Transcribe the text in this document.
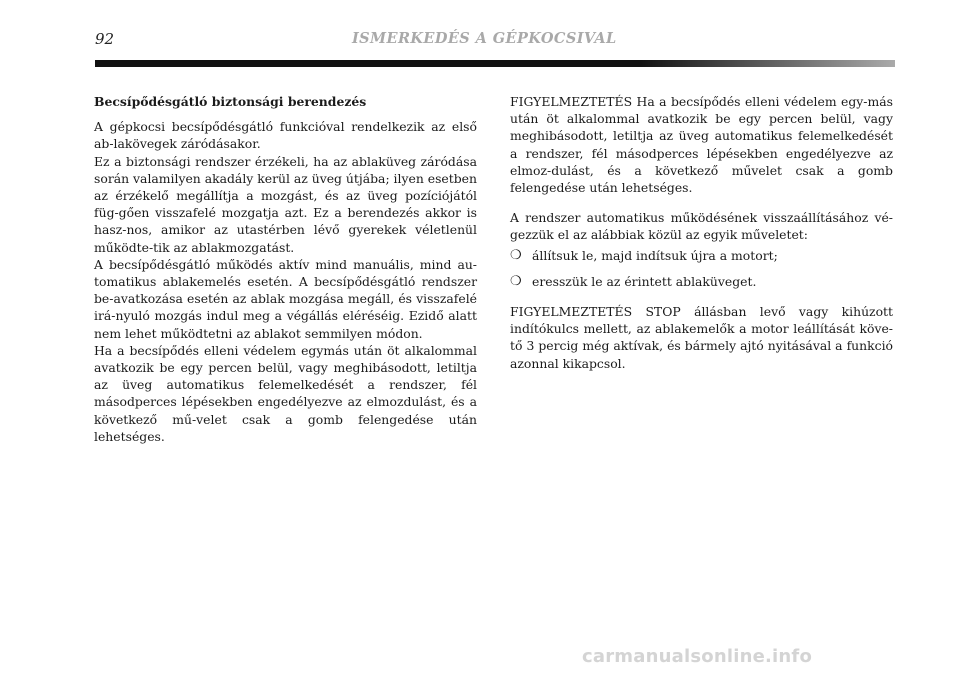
92	ISMERKEDÉS A GÉPKOCSIVAL

Becsípődésgátló biztonsági berendezés

A gépkocsi becsípődésgátló funkcióval rendelkezik az első ab-lakövegek záródásakor.

Ez a biztonsági rendszer érzékeli, ha az ablaküveg záródása során valamilyen akadály kerül az üveg útjába; ilyen esetben az érzékelő megállítja a mozgást, és az üveg pozíciójától füg-gően visszafelé mozgatja azt. Ez a berendezés akkor is hasz-nos, amikor az utastérben lévő gyerekek véletlenül működte-tik az ablakmozgatást.

A becsípődésgátló működés aktív mind manuális, mind au-tomatikus ablakemelés esetén. A becsípődésgátló rendszer be-avatkozása esetén az ablak mozgása megáll, és visszafelé irá-nyuló mozgás indul meg a végállás eléréséig. Ezidő alatt nem lehet működtetni az ablakot semmilyen módon.

Ha a becsípődés elleni védelem egymás után öt alkalommal avatkozik be egy percen belül, vagy meghibásodott, letiltja az üveg automatikus felemelkedését a rendszer, fél másodperces lépésekben engedélyezve az elmozdulást, és a következő mű-velet csak a gomb felengedése után lehetséges.

FIGYELMEZTETÉS Ha a becsípődés elleni védelem egy-más után öt alkalommal avatkozik be egy percen belül, vagy meghibásodott, letiltja az üveg automatikus felemelkedését a rendszer, fél másodperces lépésekben engedélyezve az elmoz-dulást, és a következő művelet csak a gomb felengedése után lehetséges.

A rendszer automatikus működésének visszaállításához vé-gezzük el az alábbiak közül az egyik műveletet:

❍ állítsuk le, majd indítsuk újra a motort;
❍ eresszük le az érintett ablaküveget.

FIGYELMEZTETÉS STOP állásban levő vagy kihúzott indítókulcs mellett, az ablakemelők a motor leállítását köve-tő 3 percig még aktívak, és bármely ajtó nyitásával a funkció azonnal kikapcsol.

carmanualsonline.info
